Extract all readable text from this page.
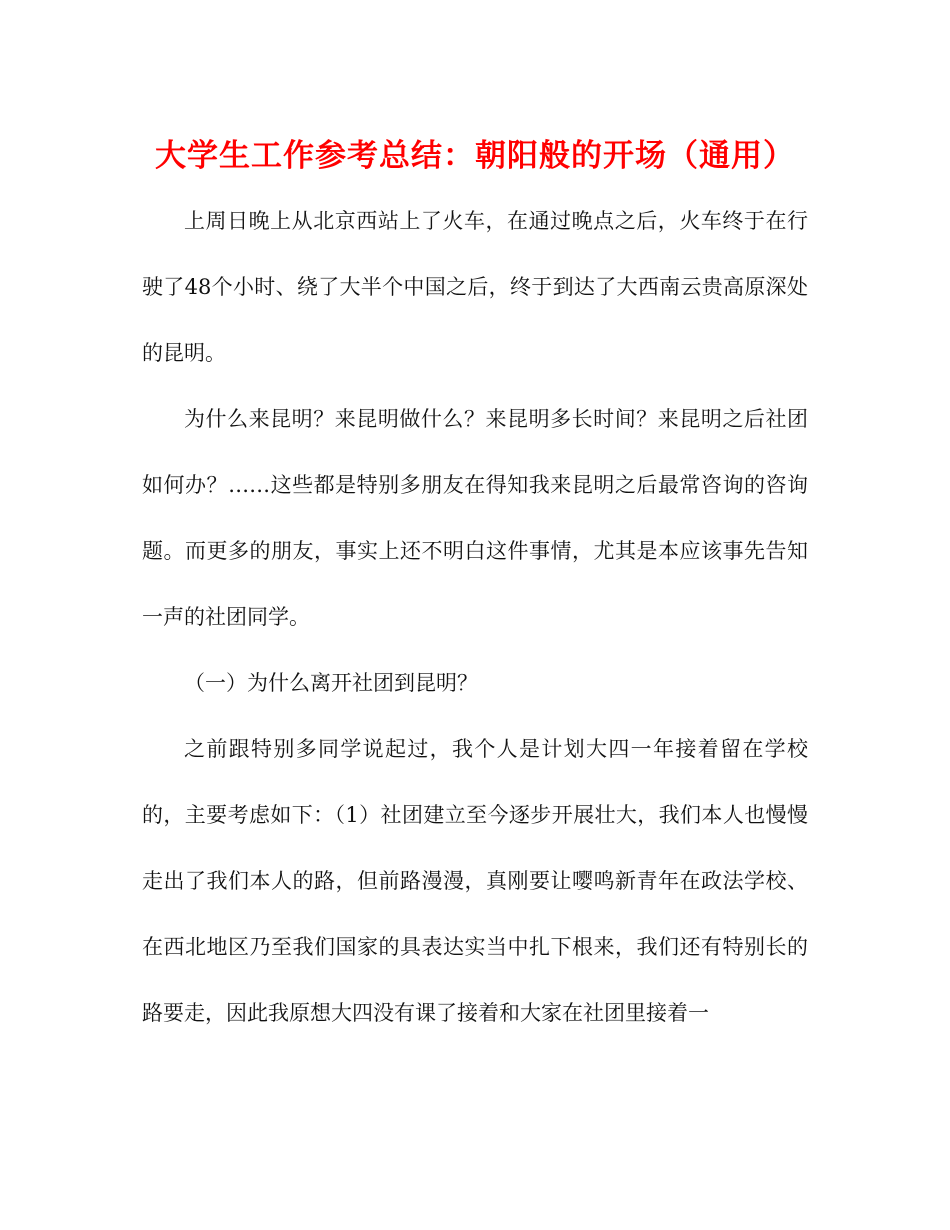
大学生工作参考总结：朝阳般的开场（通用）

上周日晚上从北京西站上了火车，在通过晚点之后，火车终于在行驶了48个小时、绕了大半个中国之后，终于到达了大西南云贵高原深处的昆明。

为什么来昆明？来昆明做什么？来昆明多长时间？来昆明之后社团如何办？……这些都是特别多朋友在得知我来昆明之后最常咨询的咨询题。而更多的朋友，事实上还不明白这件事情，尤其是本应该事先告知一声的社团同学。

（一）为什么离开社团到昆明？

之前跟特别多同学说起过，我个人是计划大四一年接着留在学校的，主要考虑如下：（1）社团建立至今逐步开展壮大，我们本人也慢慢走出了我们本人的路，但前路漫漫，真刚要让嘤鸣新青年在政法学校、在西北地区乃至我们国家的具表达实当中扎下根来，我们还有特别长的路要走，因此我原想大四没有课了接着和大家在社团里接着一
